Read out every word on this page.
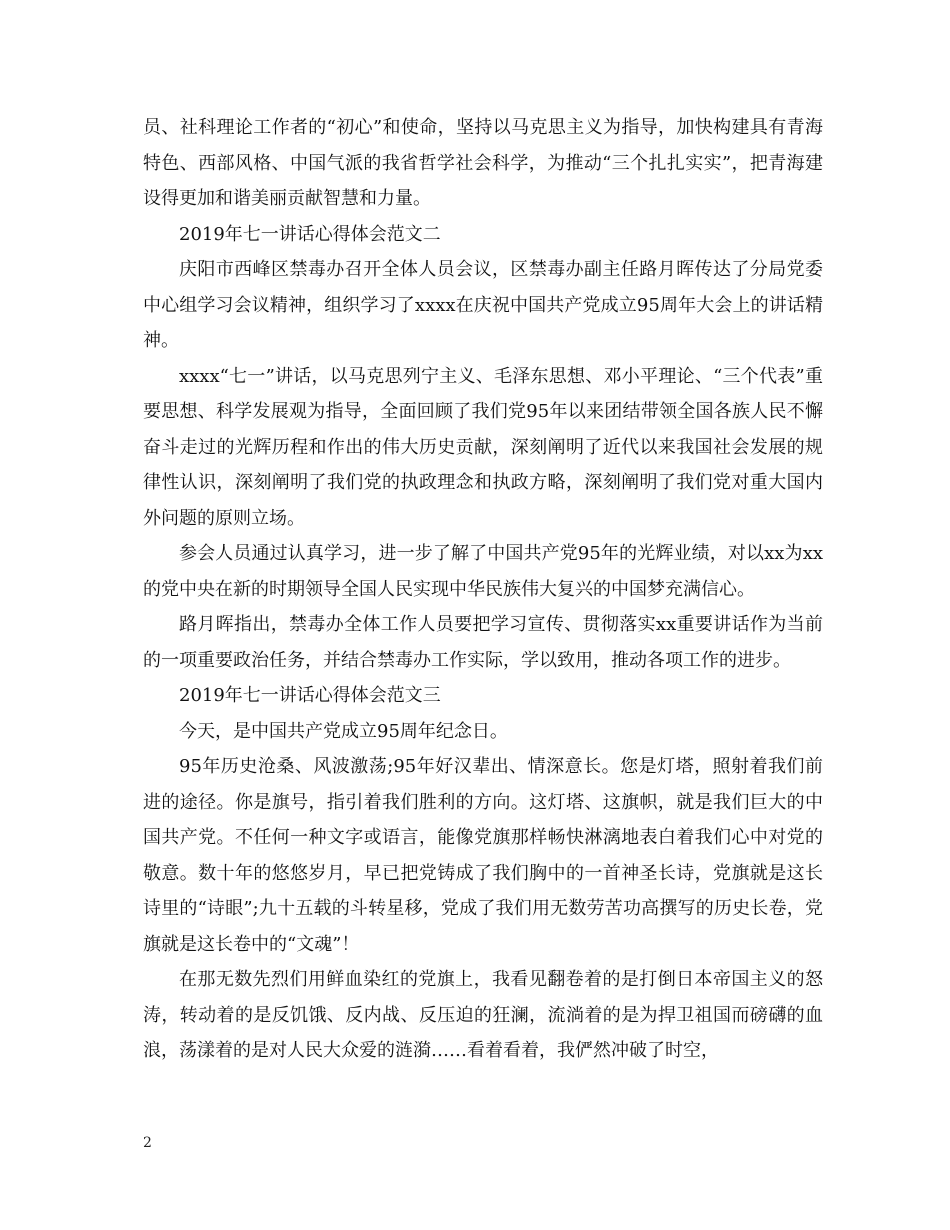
员、社科理论工作者的“初心”和使命，坚持以马克思主义为指导，加快构建具有青海特色、西部风格、中国气派的我省哲学社会科学，为推动“三个扎扎实实”，把青海建设得更加和谐美丽贡献智慧和力量。

2019年七一讲话心得体会范文二

庆阳市西峰区禁毒办召开全体人员会议，区禁毒办副主任路月晖传达了分局党委中心组学习会议精神，组织学习了xxxx在庆祝中国共产党成立95周年大会上的讲话精神。

xxxx“七一”讲话，以马克思列宁主义、毛泽东思想、邓小平理论、“三个代表”重要思想、科学发展观为指导，全面回顾了我们党95年以来团结带领全国各族人民不懈奋斗走过的光辉历程和作出的伟大历史贡献，深刻阐明了近代以来我国社会发展的规律性认识，深刻阐明了我们党的执政理念和执政方略，深刻阐明了我们党对重大国内外问题的原则立场。

参会人员通过认真学习，进一步了解了中国共产党95年的光辉业绩，对以xx为xx的党中央在新的时期领导全国人民实现中华民族伟大复兴的中国梦充满信心。

路月晖指出，禁毒办全体工作人员要把学习宣传、贯彻落实xx重要讲话作为当前的一项重要政治任务，并结合禁毒办工作实际，学以致用，推动各项工作的进步。

2019年七一讲话心得体会范文三

今天，是中国共产党成立95周年纪念日。

95年历史沧桑、风波激荡;95年好汉辈出、情深意长。您是灯塔，照射着我们前进的途径。你是旗号，指引着我们胜利的方向。这灯塔、这旗帜，就是我们巨大的中国共产党。不任何一种文字或语言，能像党旗那样畅快淋漓地表白着我们心中对党的敬意。数十年的悠悠岁月，早已把党铸成了我们胸中的一首神圣长诗，党旗就是这长诗里的“诗眼”;九十五载的斗转星移，党成了我们用无数劳苦功高撰写的历史长卷，党旗就是这长卷中的“文魂”！

在那无数先烈们用鲜血染红的党旗上，我看见翻卷着的是打倒日本帝国主义的怒涛，转动着的是反饥饿、反内战、反压迫的狂澜，流淌着的是为捍卫祖国而磅礴的血浪，荡漾着的是对人民大众爱的涟漪……看着看着，我俨然冲破了时空，

2
